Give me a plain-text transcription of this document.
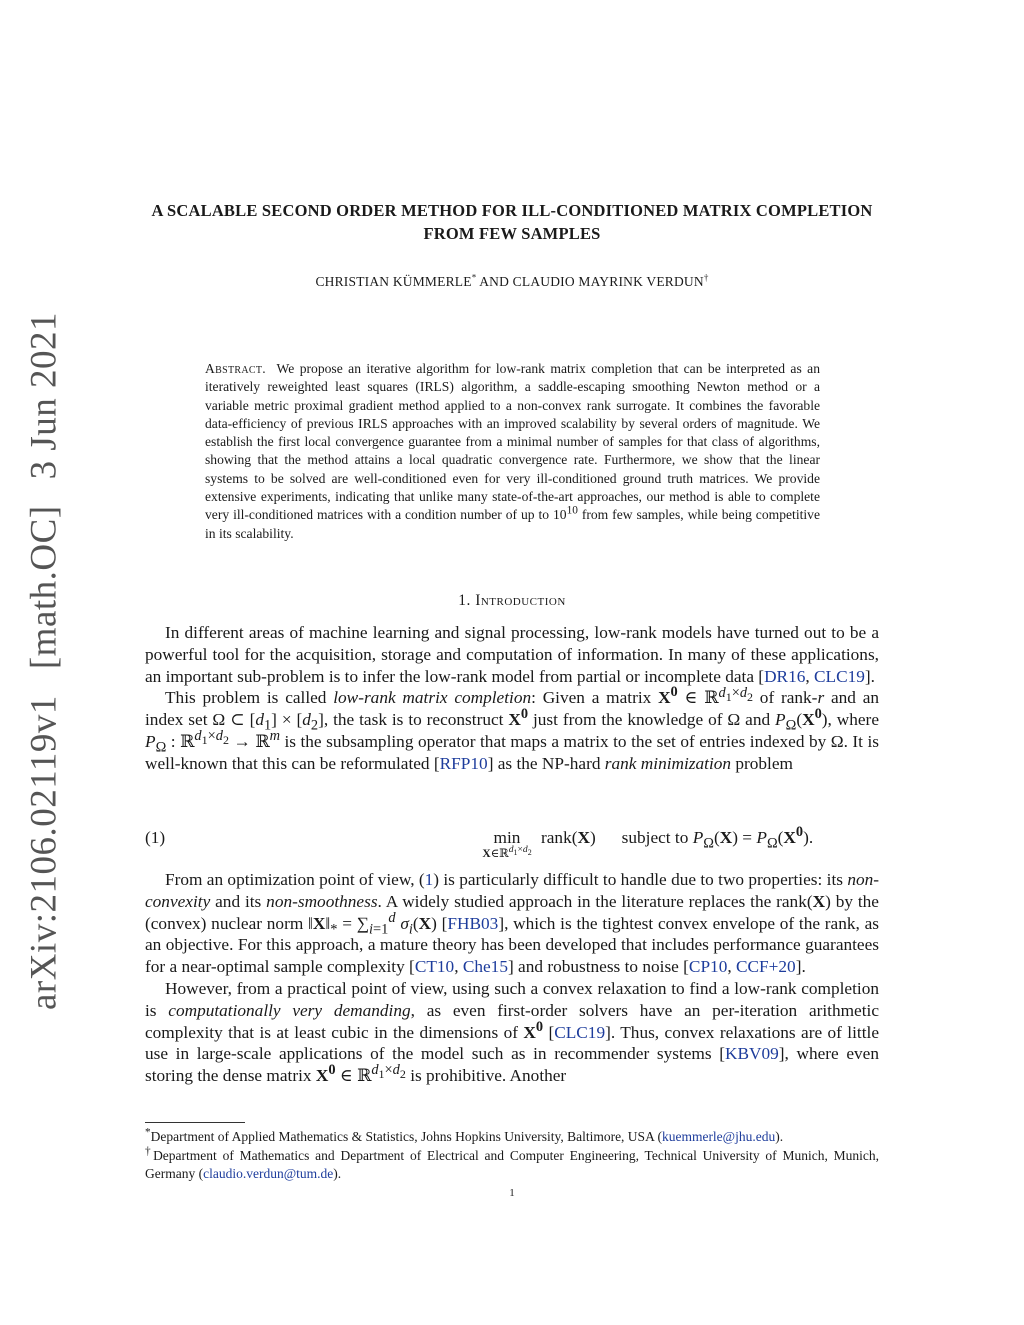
arXiv:2106.02119v1[math.OC]3 Jun 2021
A SCALABLE SECOND ORDER METHOD FOR ILL-CONDITIONED MATRIX COMPLETION
FROM FEW SAMPLES
CHRISTIAN KÜMMERLE* AND CLAUDIO MAYRINK VERDUN†
Abstract. We propose an iterative algorithm for low-rank matrix completion that can be interpreted as an iteratively reweighted least squares (IRLS) algorithm, a saddle-escaping smoothing Newton method or a variable metric proximal gradient method applied to a non-convex rank surrogate. It combines the favorable data-efficiency of previous IRLS approaches with an improved scalability by several orders of magnitude. We establish the first local convergence guarantee from a minimal number of samples for that class of algorithms, showing that the method attains a local quadratic convergence rate. Furthermore, we show that the linear systems to be solved are well-conditioned even for very ill-conditioned ground truth matrices. We provide extensive experiments, indicating that unlike many state-of-the-art approaches, our method is able to complete very ill-conditioned matrices with a condition number of up to $10^{10}$ from few samples, while being competitive in its scalability.
1. Introduction

In different areas of machine learning and signal processing, low-rank models have turned out to be a powerful tool for the acquisition, storage and computation of information. In many of these applications, an important sub-problem is to infer the low-rank model from partial or incomplete data [DR16, CLC19].

This problem is called low-rank matrix completion: Given a matrix $X^0$ ∈ ℝ$^{d_1\times d_2}$ of rank-r and an index set Ω ⊂ $[d_1] \times [d_2]$, the task is to reconstruct $X^0$ just from the knowledge of Ω and $P_\Omega(X^0)$, where $P_\Omega$ : ℝ$^{d_1\times d_2}$ → ℝ$^m$ is the subsampling operator that maps a matrix to the set of entries indexed by Ω. It is well-known that this can be reformulated [RFP10] as the NP-hard rank minimization problem

(1)	min
X∈ℝ$^{d_1\times d_2}$
rank(X)      subject to $P_\Omega(X) = P_\Omega(X^0)$.

From an optimization point of view, (1) is particularly difficult to handle due to two properties: its non-convexity and its non-smoothness. A widely studied approach in the literature replaces the rank(X) by the (convex) nuclear norm $‖X‖_* = \sum_{i=1}^d$ $\sigma_i(X)$ [FHB03], which is the tightest convex envelope of the rank, as an objective. For this approach, a mature theory has been developed that includes performance guarantees for a near-optimal sample complexity [CT10, Che15] and robustness to noise [CP10, CCF+20].

However, from a practical point of view, using such a convex relaxation to find a low-rank completion is computationally very demanding, as even first-order solvers have an per-iteration arithmetic complexity that is at least cubic in the dimensions of $X^0$ [CLC19]. Thus, convex relaxations are of little use in large-scale applications of the model such as in recommender systems [KBV09], where even storing the dense matrix $X^0$ ∈ ℝ$^{d_1\times d_2}$ is prohibitive. Another

*Department of Applied Mathematics & Statistics, Johns Hopkins University, Baltimore, USA (kuemmerle@jhu.edu).

†Department of Mathematics and Department of Electrical and Computer Engineering, Technical University of Munich, Munich, Germany (claudio.verdun@tum.de).

1
